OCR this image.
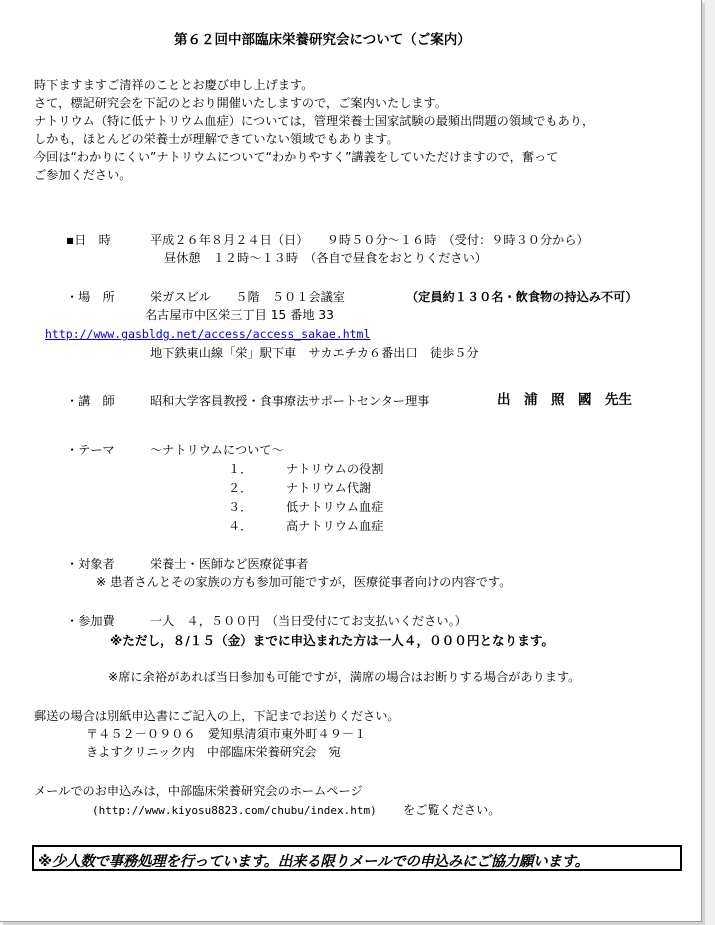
第６２回中部臨床栄養研究会について（ご案内）
時下ますますご清祥のこととお慶び申し上げます。
さて，標記研究会を下記のとおり開催いたしますので，ご案内いたします。
ナトリウム（特に低ナトリウム血症）については，管理栄養士国家試験の最頻出問題の領域でもあり，
しかも，ほとんどの栄養士が理解できていない領域でもあります。
今回は“わかりにくい”ナトリウムについて“わかりやすく”講義をしていただけますので，奮って
ご参加ください。
▪日　時	平成２６年８月２４日（日）　　９時５０分～１６時　（受付：９時３０分から）
昼休憩　１２時～１３時　（各自で昼食をおとりください）
・場　所	栄ガスビル　　５階　５０１会議室	（定員約１３０名・飲食物の持込み不可）
名古屋市中区栄三丁目 15 番地 33
http://www.gasbldg.net/access/access_sakae.html
地下鉄東山線「栄」駅下車　サカエチカ６番出口　徒歩５分
・講　師	昭和大学客員教授・食事療法サポートセンター理事	出　浦　照　國　先生
・テーマ	～ナトリウムについて～
１．	ナトリウムの役割
２．	ナトリウム代謝
３．	低ナトリウム血症
４．	高ナトリウム血症
・対象者	栄養士・医師など医療従事者
※ 患者さんとその家族の方も参加可能ですが，医療従事者向けの内容です。
・参加費	一人　４，５００円　（当日受付にてお支払いください。）
※ただし，８/１５（金）までに申込まれた方は一人４，０００円となります。
※席に余裕があれば当日参加も可能ですが，満席の場合はお断りする場合があります。
郵送の場合は別紙申込書にご記入の上，下記までお送りください。
〒４５２－０９０６　愛知県清須市東外町４９－１
きよすクリニック内　中部臨床栄養研究会　宛
メールでのお申込みは，中部臨床栄養研究会のホームページ
(http://www.kiyosu8823.com/chubu/index.htm) をご覧ください。
※少人数で事務処理を行っています。出来る限りメールでの申込みにご協力願います。
